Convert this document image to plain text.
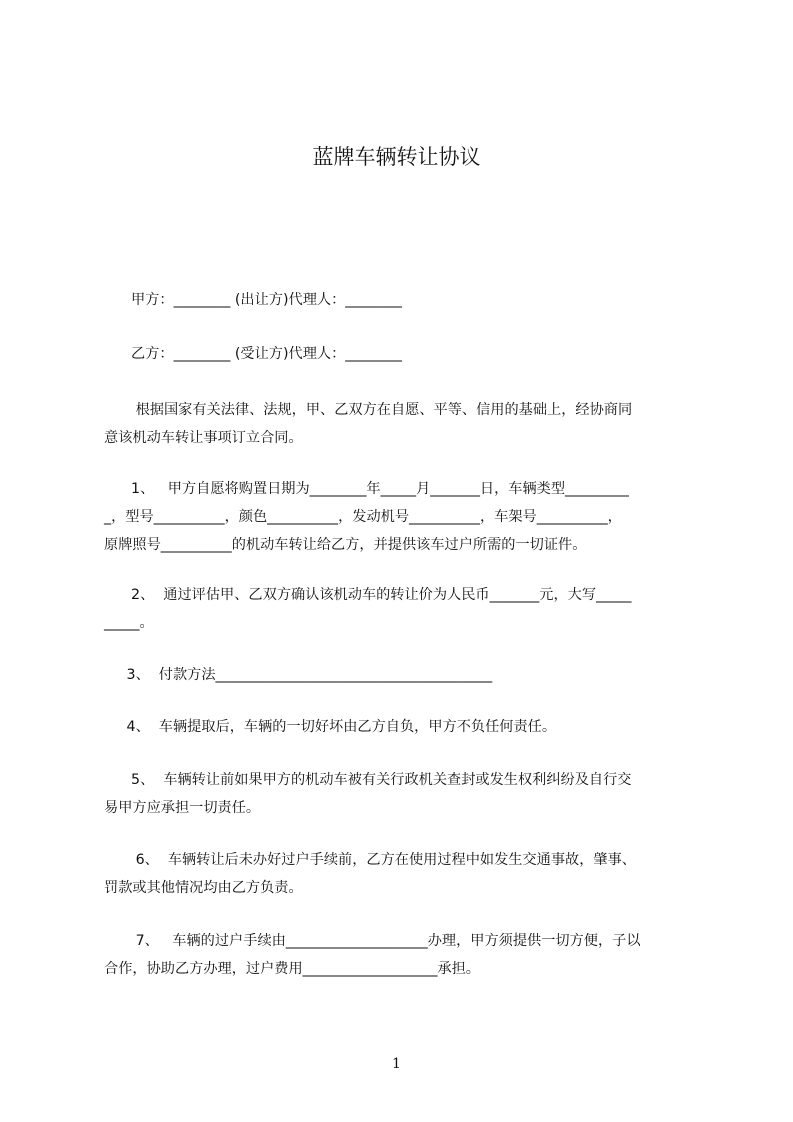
蓝牌车辆转让协议

甲方：________ (出让方)代理人：________

乙方：________ (受让方)代理人：________

根据国家有关法律、法规，甲、乙双方在自愿、平等、信用的基础上，经协商同

意该机动车转让事项订立合同。

1、   甲方自愿将购置日期为________年_____月_______日，车辆类型_________

_，型号__________，颜色__________，发动机号__________，车架号__________，

原牌照号__________的机动车转让给乙方，并提供该车过户所需的一切证件。

2、  通过评估甲、乙双方确认该机动车的转让价为人民币_______元，大写_____

_____。

3、  付款方法_______________________________________

4、  车辆提取后，车辆的一切好坏由乙方自负，甲方不负任何责任。

5、  车辆转让前如果甲方的机动车被有关行政机关查封或发生权利纠纷及自行交

易甲方应承担一切责任。

6、  车辆转让后未办好过户手续前，乙方在使用过程中如发生交通事故，肇事、

罚款或其他情况均由乙方负责。

7、   车辆的过户手续由____________________办理，甲方须提供一切方便，子以

合作，协助乙方办理，过户费用___________________承担。

1
